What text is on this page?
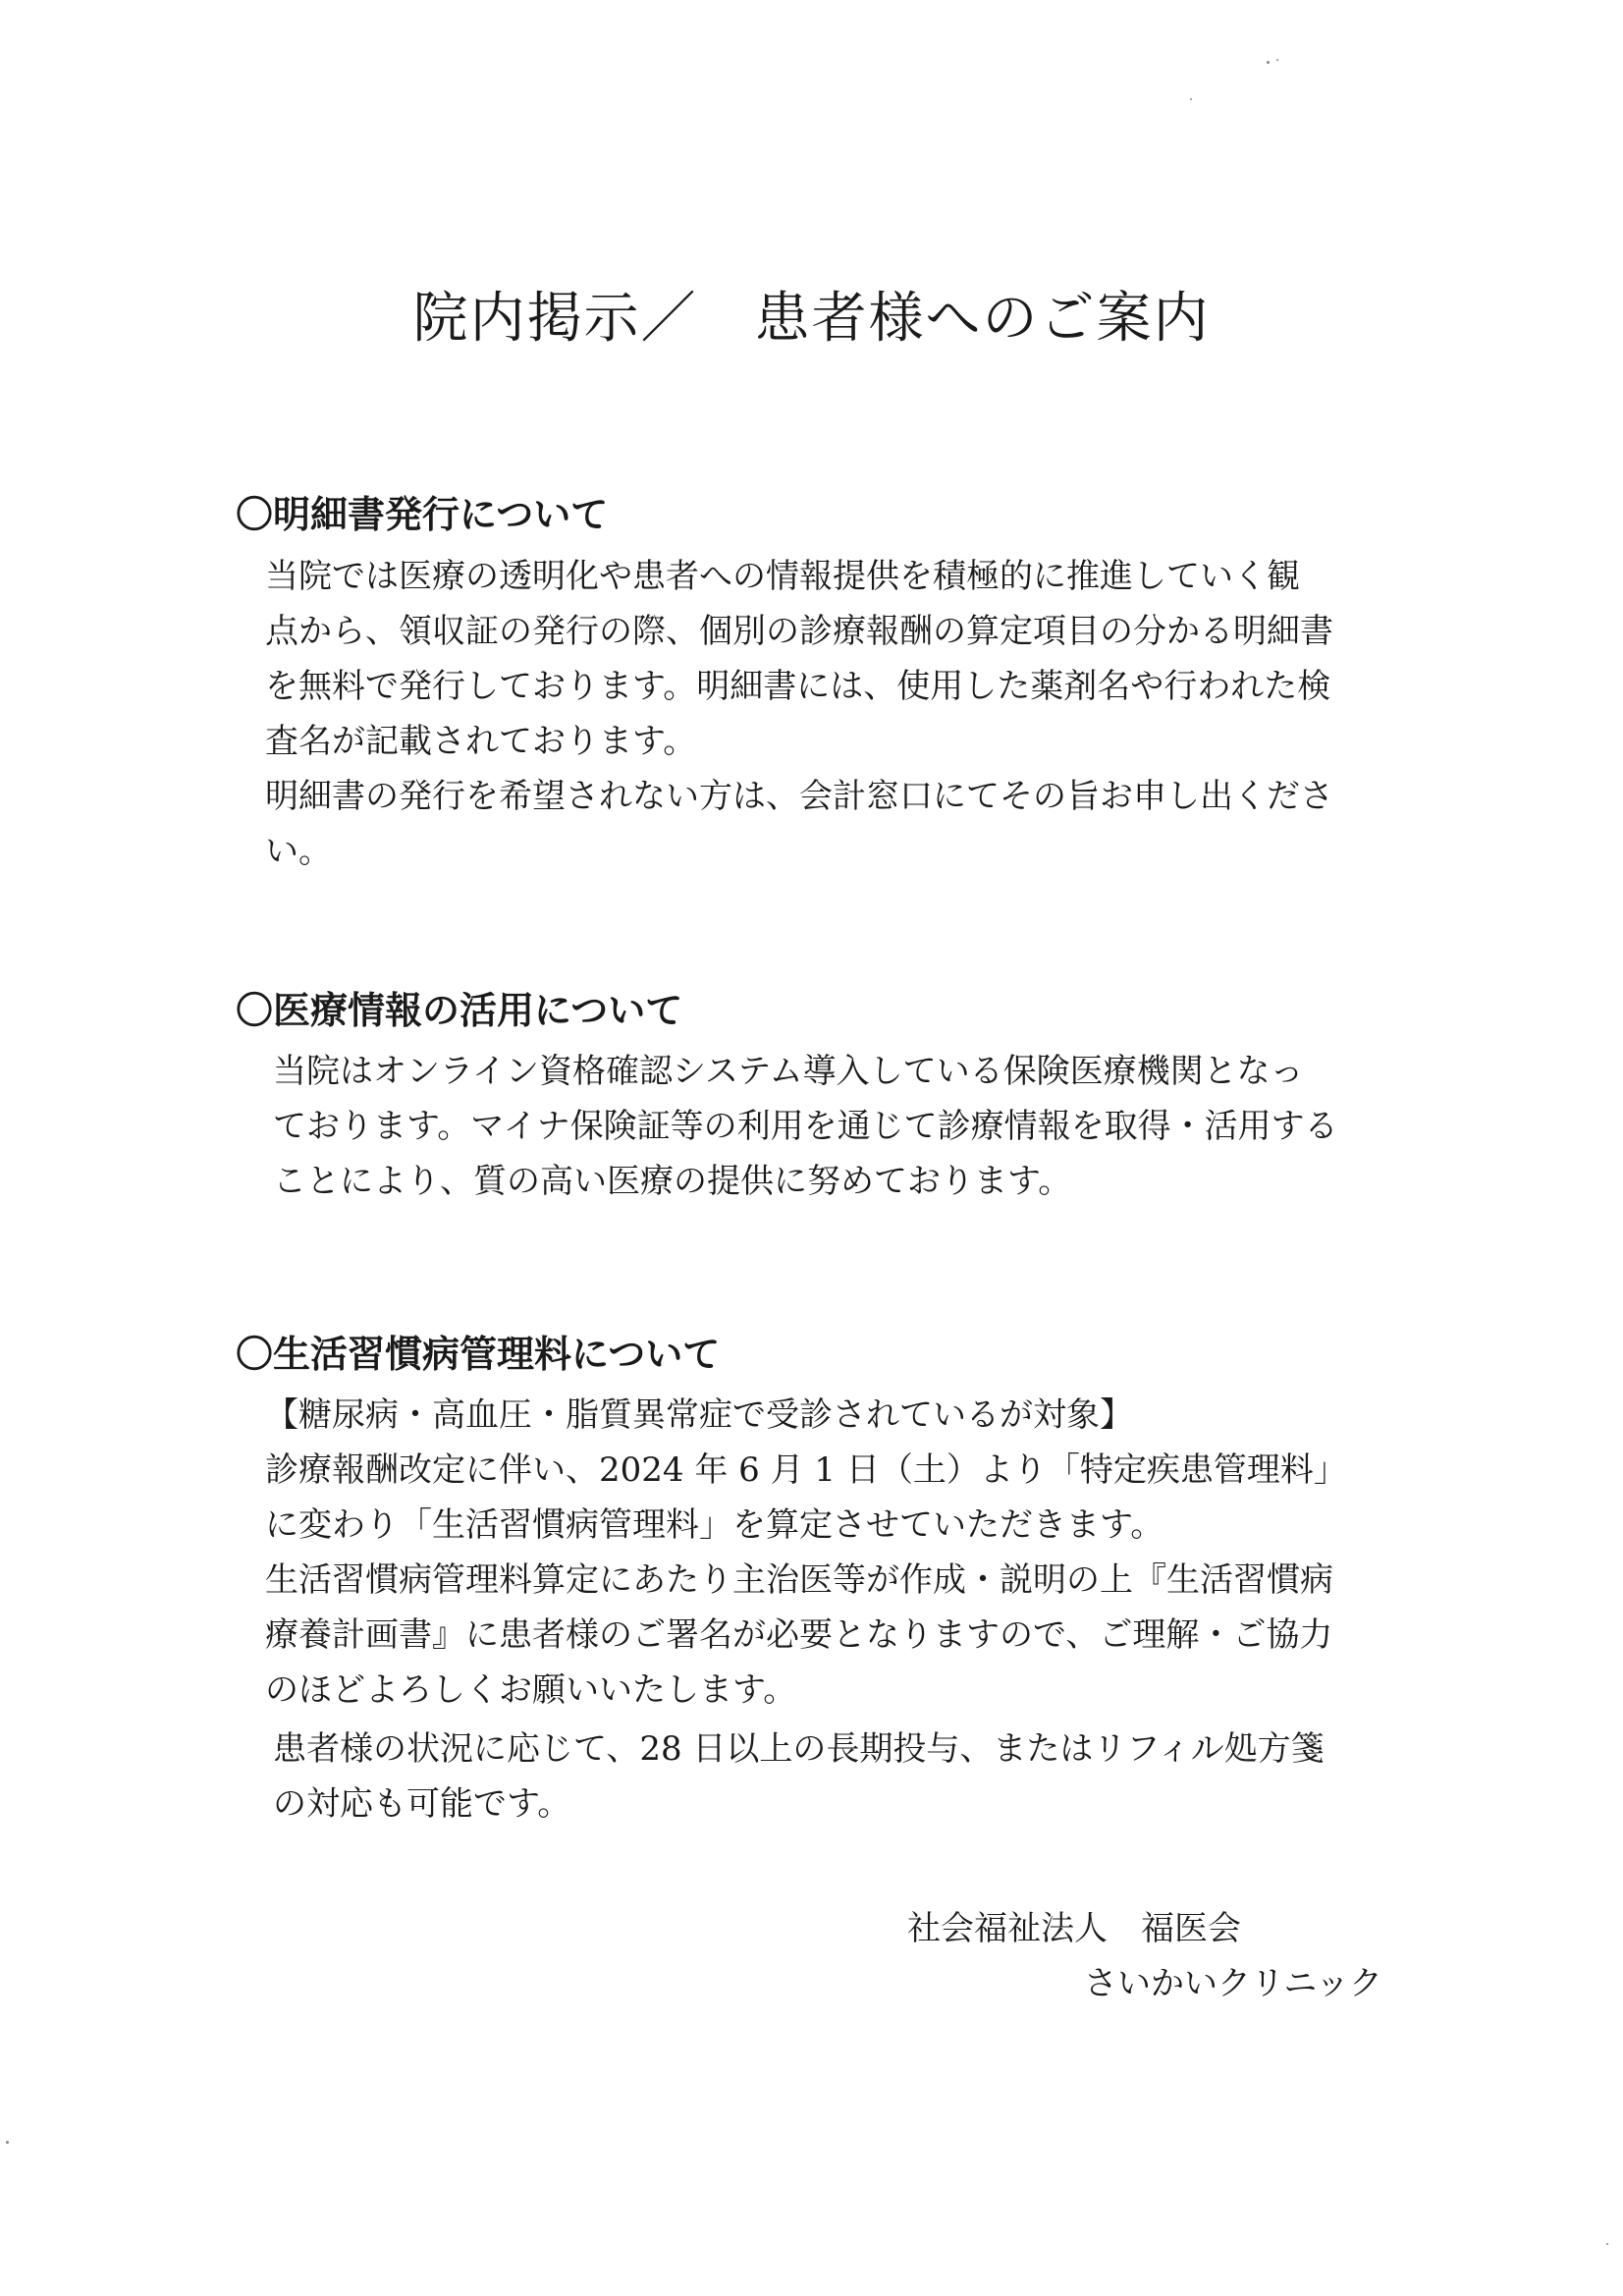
院内掲示／　患者様へのご案内
〇明細書発行について

当院では医療の透明化や患者への情報提供を積極的に推進していく観

点から、領収証の発行の際、個別の診療報酬の算定項目の分かる明細書

を無料で発行しております。明細書には、使用した薬剤名や行われた検

査名が記載されております。

明細書の発行を希望されない方は、会計窓口にてその旨お申し出くださ

い。

〇医療情報の活用について

当院はオンライン資格確認システム導入している保険医療機関となっ

ております。マイナ保険証等の利用を通じて診療情報を取得・活用する

ことにより、質の高い医療の提供に努めております。

〇生活習慣病管理料について

【糖尿病・高血圧・脂質異常症で受診されているが対象】

診療報酬改定に伴い、2024 年 6 月 1 日（土）より「特定疾患管理料」

に変わり「生活習慣病管理料」を算定させていただきます。

生活習慣病管理料算定にあたり主治医等が作成・説明の上『生活習慣病

療養計画書』に患者様のご署名が必要となりますので、ご理解・ご協力

のほどよろしくお願いいたします。

患者様の状況に応じて、28 日以上の長期投与、またはリフィル処方箋

の対応も可能です。

社会福祉法人　福医会

さいかいクリニック
